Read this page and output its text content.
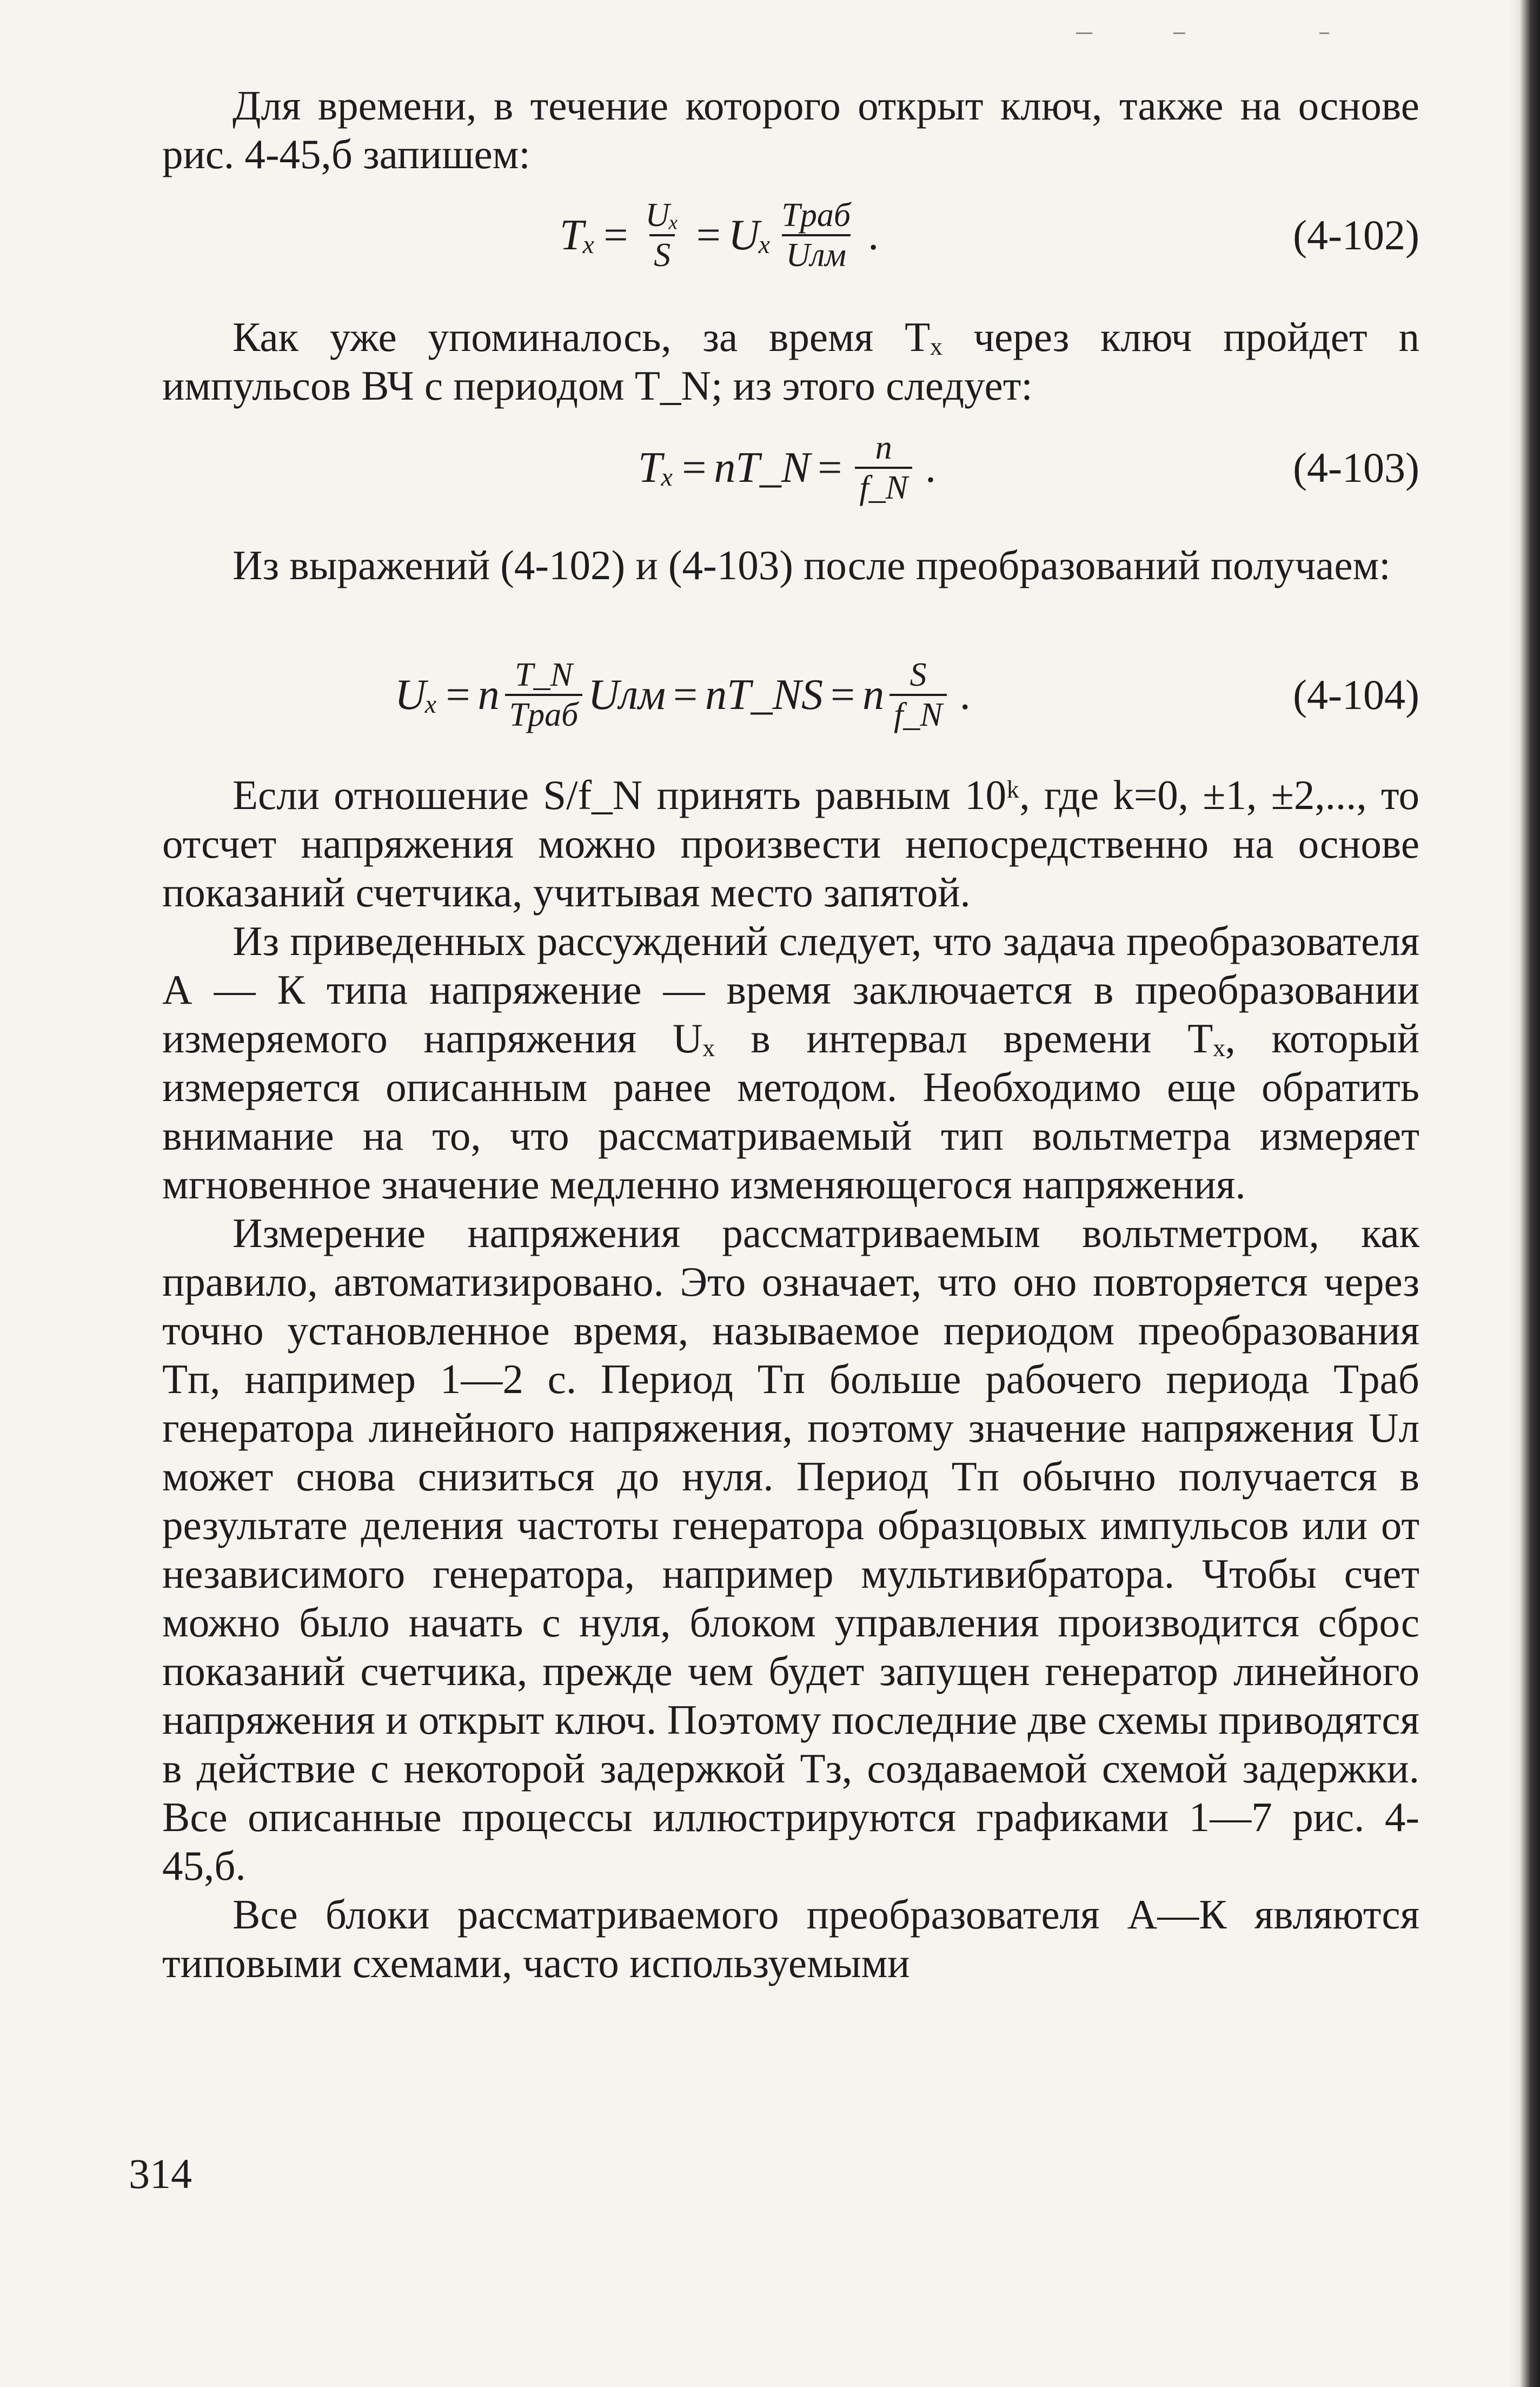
Для времени, в течение которого открыт ключ, также на основе рис. 4-45,б запишем:

$T_x = \frac{\text{Uₓ}}{S} = U_x \frac{\text{Tраб}}{\text{Uлм}}$ .	(4-102)

Как уже упоминалось, за время Tₓ через ключ пройдет n импульсов ВЧ с периодом T_N; из этого следует:

Tₓ = nT_N = $\frac{n}{f\_N}$ .	(4-103)

Из выражений (4-102) и (4-103) после преобразований получаем:

Uₓ = n $\frac{T\_N}{\text{Tраб}}$ Uлм = nT_NS = n $\frac{S}{f\_N}$ .	(4-104)

Если отношение S/f_N принять равным 10ᵏ, где k=0, ±1, ±2,..., то отсчет напряжения можно произвести непосредственно на основе показаний счетчика, учитывая место запятой.

Из приведенных рассуждений следует, что задача преобразователя А — К типа напряжение — время заключается в преобразовании измеряемого напряжения Uₓ в интервал времени Tₓ, который измеряется описанным ранее методом. Необходимо еще обратить внимание на то, что рассматриваемый тип вольтметра измеряет мгновенное значение медленно изменяющегося напряжения.

Измерение напряжения рассматриваемым вольтметром, как правило, автоматизировано. Это означает, что оно повторяется через точно установленное время, называемое периодом преобразования Tп, например 1—2 с. Период Tп больше рабочего периода Tраб генератора линейного напряжения, поэтому значение напряжения Uл может снова снизиться до нуля. Период Tп обычно получается в результате деления частоты генератора образцовых импульсов или от независимого генератора, например мультивибратора. Чтобы счет можно было начать с нуля, блоком управления производится сброс показаний счетчика, прежде чем будет запущен генератор линейного напряжения и открыт ключ. Поэтому последние две схемы приводятся в действие с некоторой задержкой Tз, создаваемой схемой задержки. Все описанные процессы иллюстрируются графиками 1—7 рис. 4-45,б.

Все блоки рассматриваемого преобразователя А—К являются типовыми схемами, часто используемыми

314
